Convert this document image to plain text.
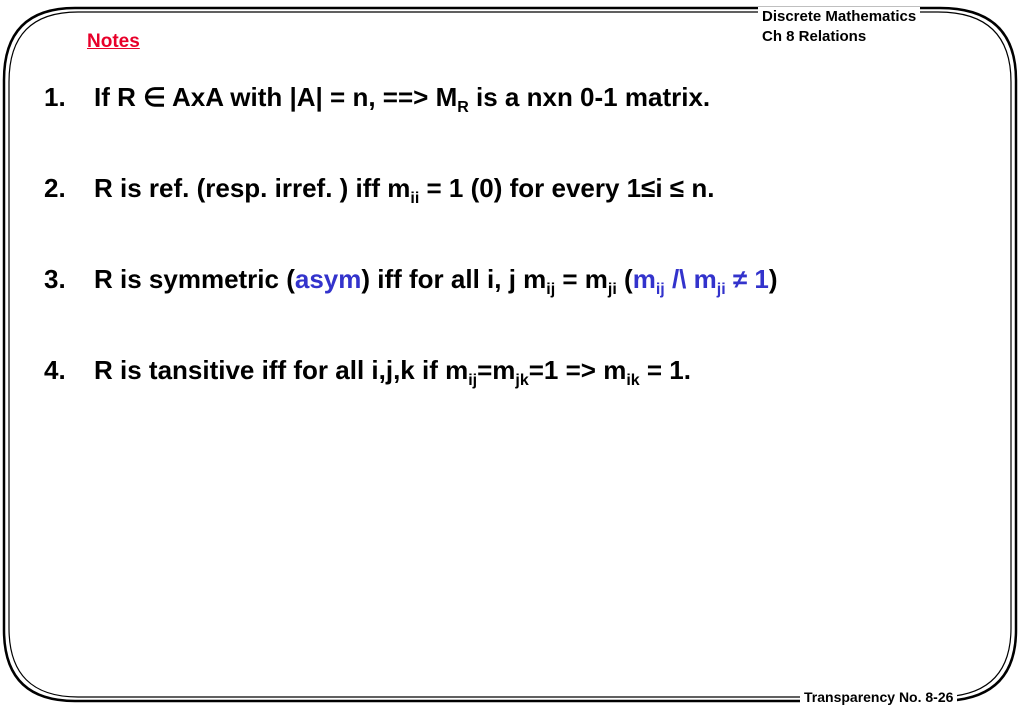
Discrete Mathematics
Ch 8 Relations
Notes
1. If R ∈ AxA with |A| = n, ==> $M_R$ is a nxn 0-1 matrix.
2. R is ref. (resp. irref. ) iff $m_{ii} = 1$ (0) for every 1≤i ≤ n.
3. R is symmetric (asym) iff for all i, j $m_{ij} = m_{ji}$ ($m_{ij}$ /\ $m_{ji} \ne 1$)
4. R is tansitive iff for all i,j,k if $m_{ij}=m_{jk}=1 => m_{ik} = 1$.
Transparency No. 8-26
